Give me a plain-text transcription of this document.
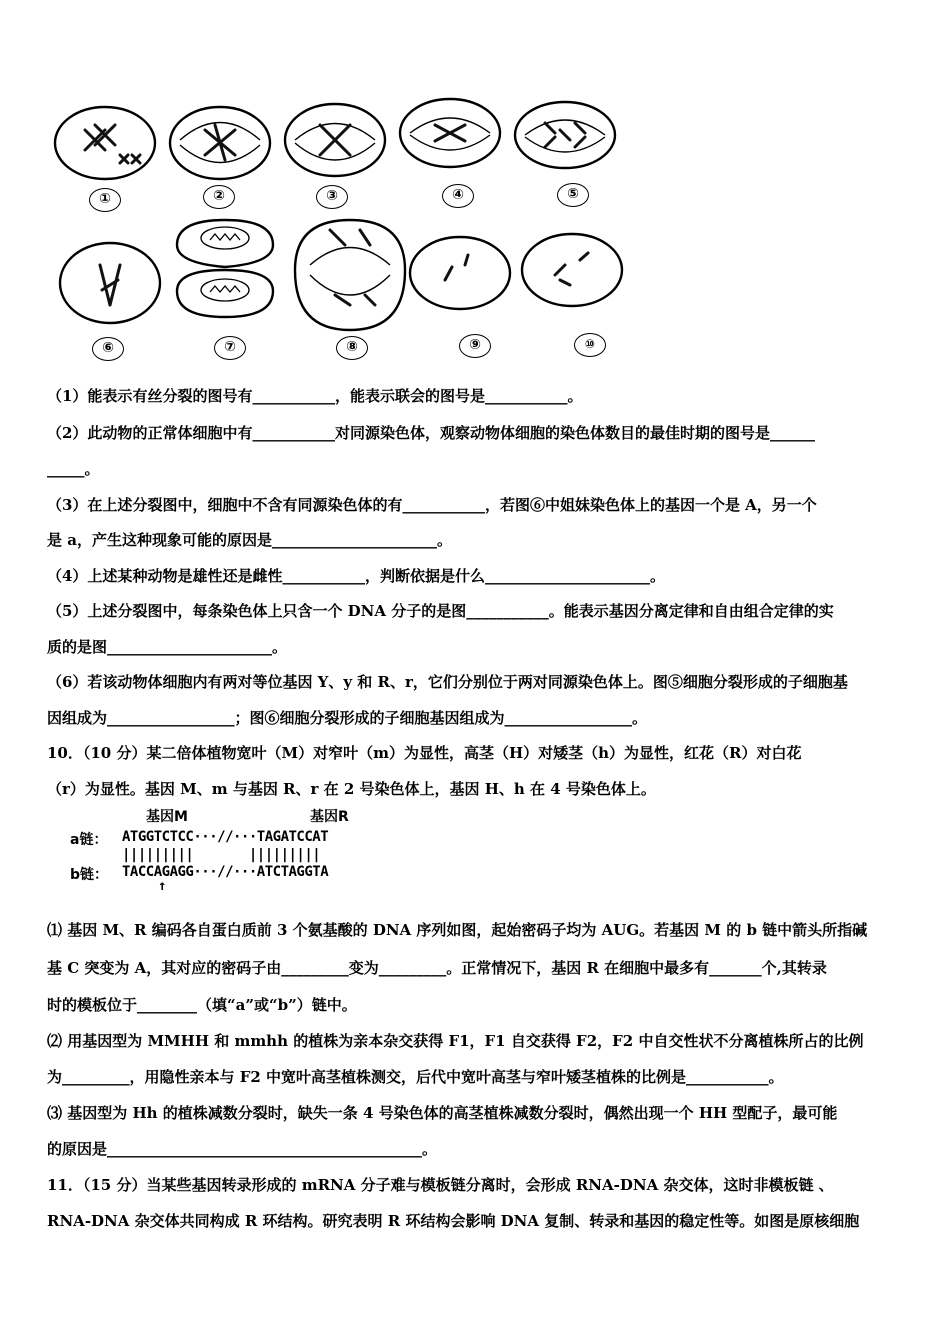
①	②	③	④	⑤
⑥	⑦	⑧	⑨	⑩
（1）能表示有丝分裂的图号有___________，能表示联会的图号是___________。
（2）此动物的正常体细胞中有___________对同源染色体，观察动物体细胞的染色体数目的最佳时期的图号是______
_____。
（3）在上述分裂图中，细胞中不含有同源染色体的有___________，若图⑥中姐妹染色体上的基因一个是 A，另一个
是 a，产生这种现象可能的原因是______________________。
（4）上述某种动物是雄性还是雌性___________，判断依据是什么______________________。
（5）上述分裂图中，每条染色体上只含一个 DNA 分子的是图___________。能表示基因分离定律和自由组合定律的实
质的是图______________________。
（6）若该动物体细胞内有两对等位基因 Y、y 和 R、r，它们分别位于两对同源染色体上。图⑤细胞分裂形成的子细胞基
因组成为_________________；图⑥细胞分裂形成的子细胞基因组成为_________________。
10．（10 分）某二倍体植物宽叶（M）对窄叶（m）为显性，高茎（H）对矮茎（h）为显性，红花（R）对白花
（r）为显性。基因 M、m 与基因 R、r 在 2 号染色体上，基因 H、h 在 4 号染色体上。
基因M	基因R
a链： ATGGTCTCC···//···TAGATCCAT
|||||||||       |||||||||
b链： TACCAGAGG···//···ATCTAGGTA
↑
⑴ 基因 M、R 编码各自蛋白质前 3 个氨基酸的 DNA 序列如图，起始密码子均为 AUG。若基因 M 的 b 链中箭头所指碱
基 C 突变为 A，其对应的密码子由_________变为_________。正常情况下，基因 R 在细胞中最多有_______个,其转录
时的模板位于________（填“a”或“b”）链中。
⑵ 用基因型为 MMHH 和 mmhh 的植株为亲本杂交获得 F1，F1 自交获得 F2，F2 中自交性状不分离植株所占的比例
为_________，用隐性亲本与 F2 中宽叶高茎植株测交，后代中宽叶高茎与窄叶矮茎植株的比例是___________。
⑶ 基因型为 Hh 的植株减数分裂时，缺失一条 4 号染色体的高茎植株减数分裂时，偶然出现一个 HH 型配子，最可能
的原因是__________________________________________。
11．（15 分）当某些基因转录形成的 mRNA 分子难与模板链分离时，会形成 RNA-DNA 杂交体，这时非模板链 、
RNA-DNA 杂交体共同构成 R 环结构。研究表明 R 环结构会影响 DNA 复制、转录和基因的稳定性等。如图是原核细胞
